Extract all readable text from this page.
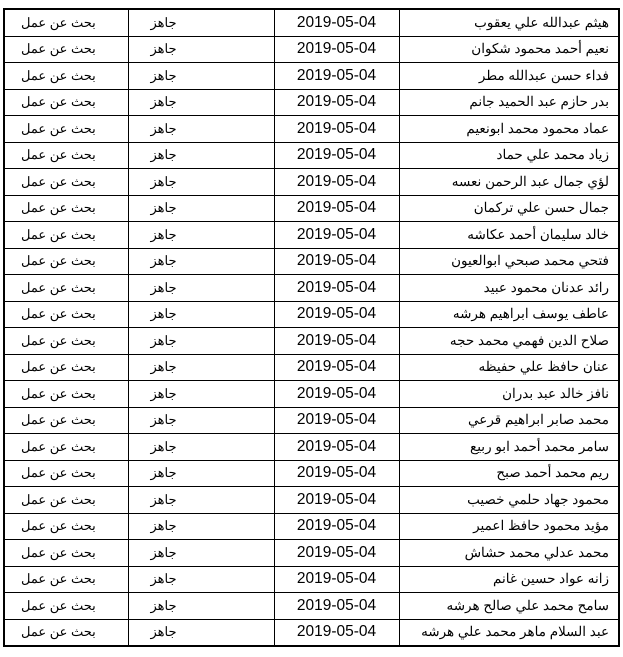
بحث عن عمل	جاهز	2019-05-04	هيثم عبدالله علي يعقوب
بحث عن عمل	جاهز	2019-05-04	نعيم أحمد محمود شكوان
بحث عن عمل	جاهز	2019-05-04	فداء حسن عبدالله مطر
بحث عن عمل	جاهز	2019-05-04	بدر حازم عبد الحميد جانم
بحث عن عمل	جاهز	2019-05-04	عماد محمود محمد ابونعيم
بحث عن عمل	جاهز	2019-05-04	زياد محمد علي حماد
بحث عن عمل	جاهز	2019-05-04	لؤي جمال عبد الرحمن نعسه
بحث عن عمل	جاهز	2019-05-04	جمال حسن علي تركمان
بحث عن عمل	جاهز	2019-05-04	خالد سليمان أحمد عكاشه
بحث عن عمل	جاهز	2019-05-04	فتحي محمد صبحي ابوالعيون
بحث عن عمل	جاهز	2019-05-04	رائد عدنان محمود عبيد
بحث عن عمل	جاهز	2019-05-04	عاطف يوسف ابراهيم هرشه
بحث عن عمل	جاهز	2019-05-04	صلاح الدين فهمي محمد حجه
بحث عن عمل	جاهز	2019-05-04	عنان حافظ علي حفيظه
بحث عن عمل	جاهز	2019-05-04	نافز خالد عبد بدران
بحث عن عمل	جاهز	2019-05-04	محمد صابر ابراهيم قرعي
بحث عن عمل	جاهز	2019-05-04	سامر محمد أحمد ابو ربيع
بحث عن عمل	جاهز	2019-05-04	ريم محمد أحمد صبح
بحث عن عمل	جاهز	2019-05-04	محمود جهاد حلمي خصيب
بحث عن عمل	جاهز	2019-05-04	مؤيد محمود حافظ اعمير
بحث عن عمل	جاهز	2019-05-04	محمد عدلي محمد حشاش
بحث عن عمل	جاهز	2019-05-04	زانه عواد حسين غانم
بحث عن عمل	جاهز	2019-05-04	سامح محمد علي صالح هرشه
بحث عن عمل	جاهز	2019-05-04	عبد السلام ماهر محمد علي هرشه
